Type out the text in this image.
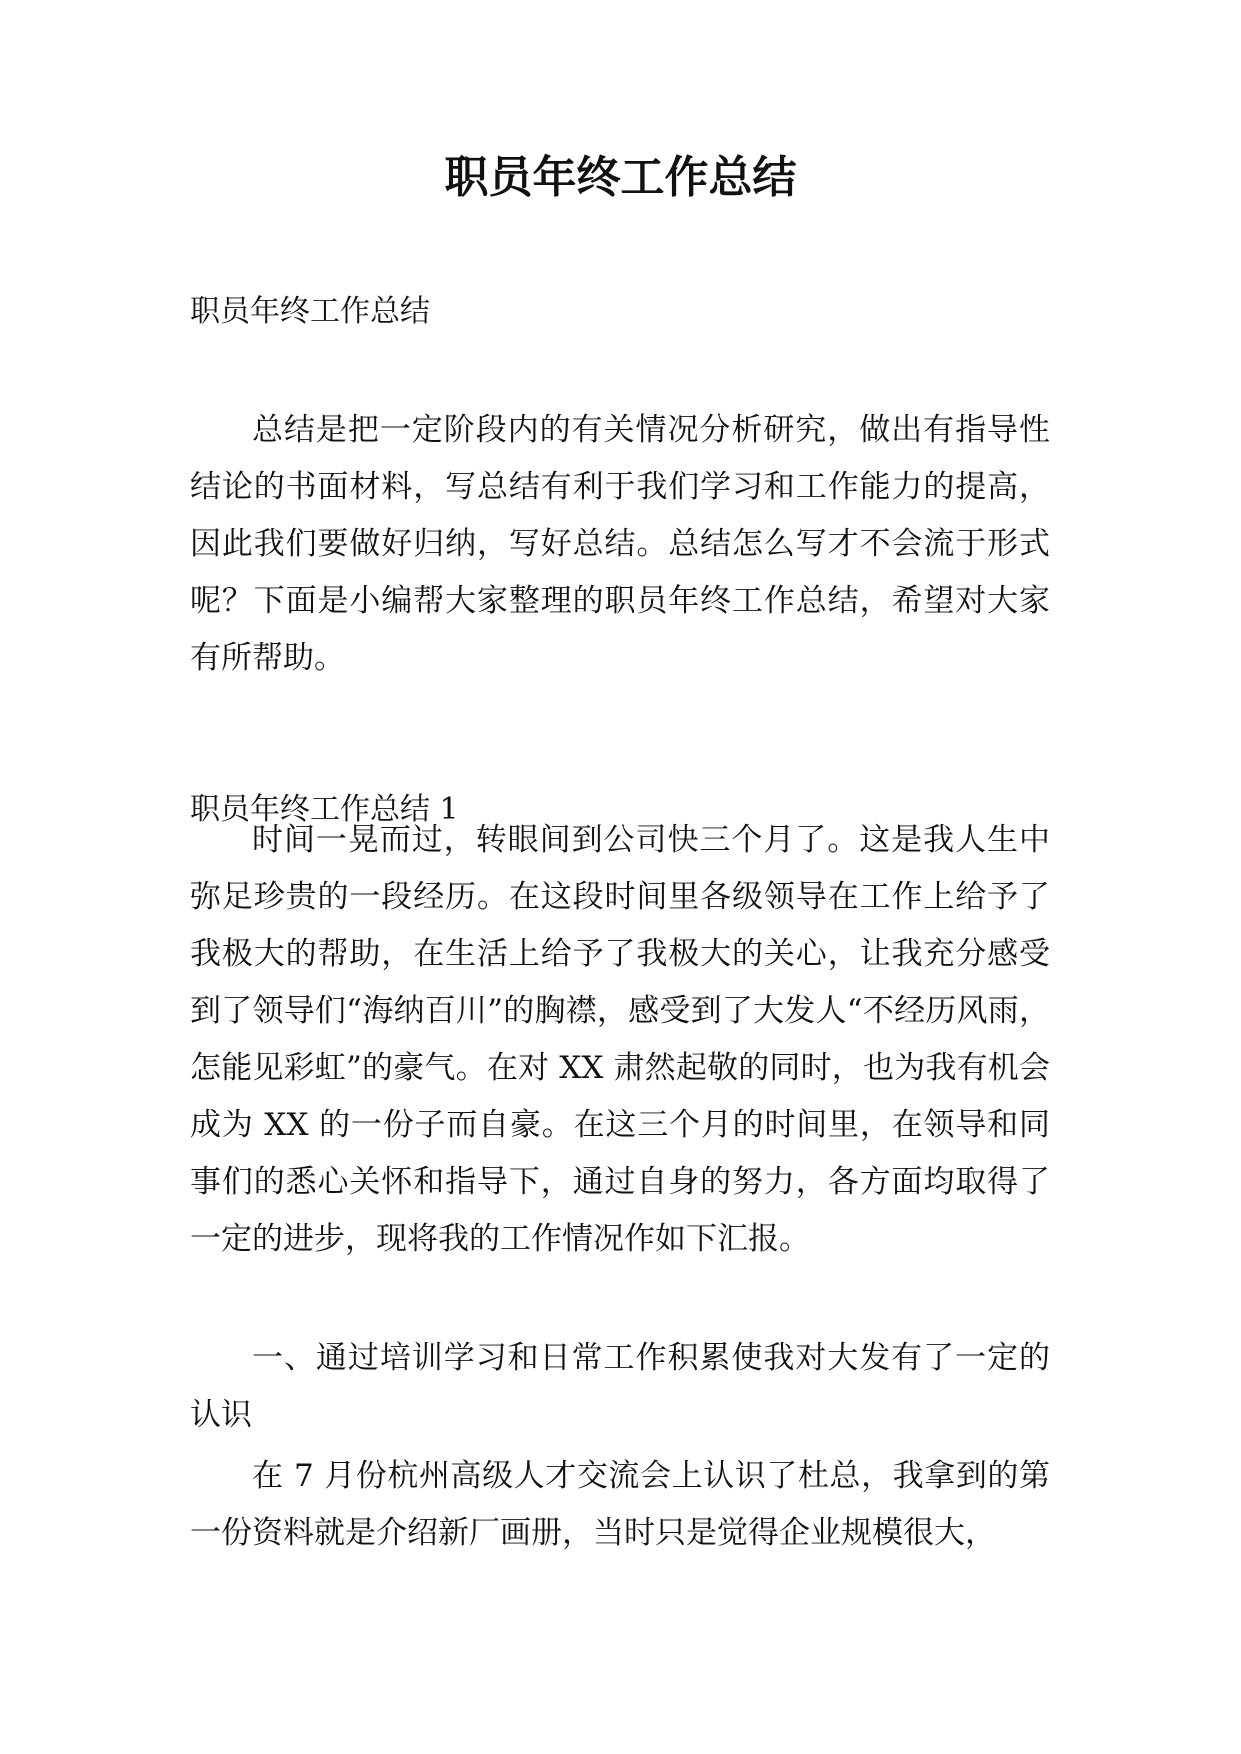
职员年终工作总结

职员年终工作总结

总结是把一定阶段内的有关情况分析研究，做出有指导性结论的书面材料，写总结有利于我们学习和工作能力的提高，因此我们要做好归纳，写好总结。总结怎么写才不会流于形式呢？下面是小编帮大家整理的职员年终工作总结，希望对大家有所帮助。

职员年终工作总结 1

时间一晃而过，转眼间到公司快三个月了。这是我人生中弥足珍贵的一段经历。在这段时间里各级领导在工作上给予了我极大的帮助，在生活上给予了我极大的关心，让我充分感受到了领导们“海纳百川”的胸襟，感受到了大发人“不经历风雨，怎能见彩虹”的豪气。在对 XX 肃然起敬的同时，也为我有机会成为 XX 的一份子而自豪。在这三个月的时间里，在领导和同事们的悉心关怀和指导下，通过自身的努力，各方面均取得了一定的进步，现将我的工作情况作如下汇报。

一、通过培训学习和日常工作积累使我对大发有了一定的认识

在 7 月份杭州高级人才交流会上认识了杜总，我拿到的第一份资料就是介绍新厂画册，当时只是觉得企业规模很大，
